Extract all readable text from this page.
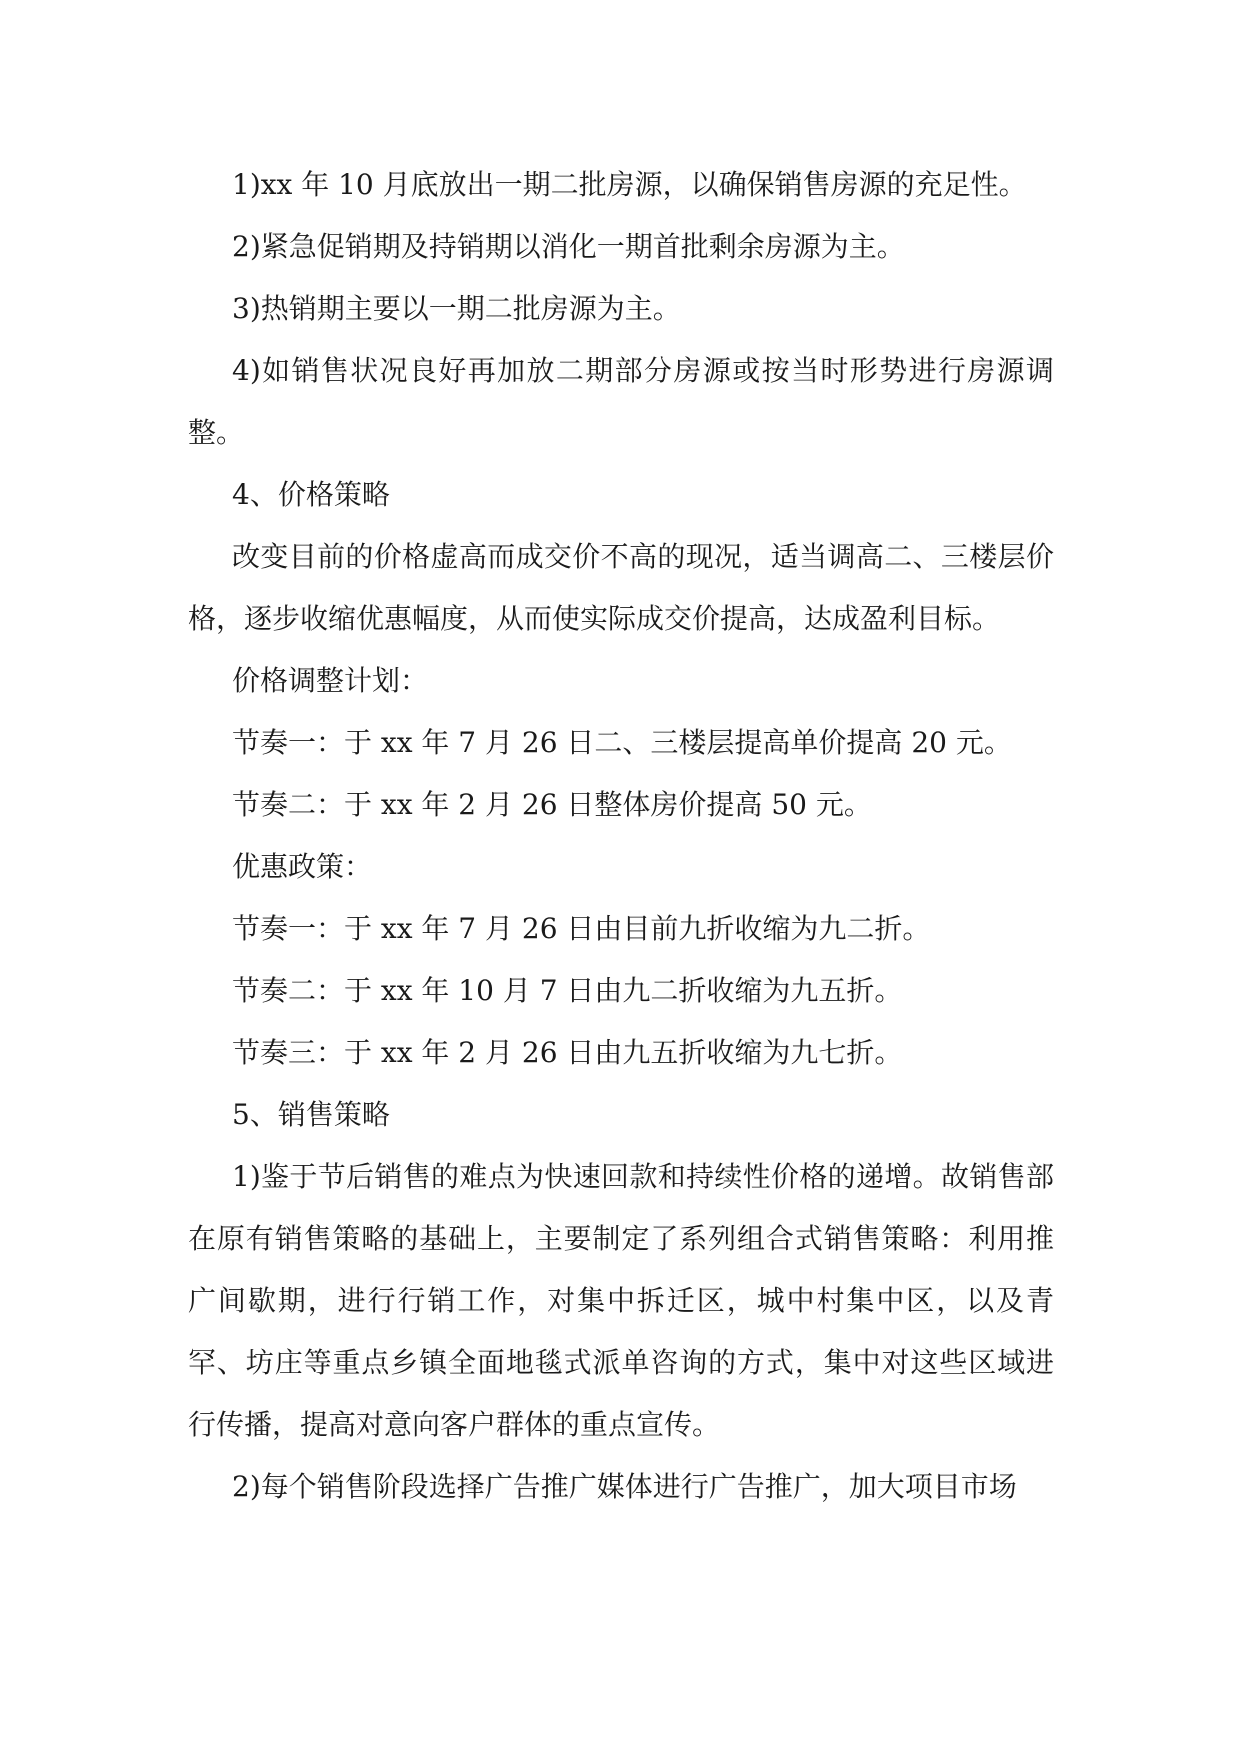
1)xx 年 10 月底放出一期二批房源，以确保销售房源的充足性。

2)紧急促销期及持销期以消化一期首批剩余房源为主。

3)热销期主要以一期二批房源为主。

4)如销售状况良好再加放二期部分房源或按当时形势进行房源调整。

4、价格策略

改变目前的价格虚高而成交价不高的现况，适当调高二、三楼层价格，逐步收缩优惠幅度，从而使实际成交价提高，达成盈利目标。

价格调整计划：

节奏一：于 xx 年 7 月 26 日二、三楼层提高单价提高 20 元。

节奏二：于 xx 年 2 月 26 日整体房价提高 50 元。

优惠政策：

节奏一：于 xx 年 7 月 26 日由目前九折收缩为九二折。

节奏二：于 xx 年 10 月 7 日由九二折收缩为九五折。

节奏三：于 xx 年 2 月 26 日由九五折收缩为九七折。

5、销售策略

1)鉴于节后销售的难点为快速回款和持续性价格的递增。故销售部在原有销售策略的基础上，主要制定了系列组合式销售策略：利用推广间歇期，进行行销工作，对集中拆迁区，城中村集中区，以及青罕、坊庄等重点乡镇全面地毯式派单咨询的方式，集中对这些区域进行传播，提高对意向客户群体的重点宣传。

2)每个销售阶段选择广告推广媒体进行广告推广，加大项目市场
